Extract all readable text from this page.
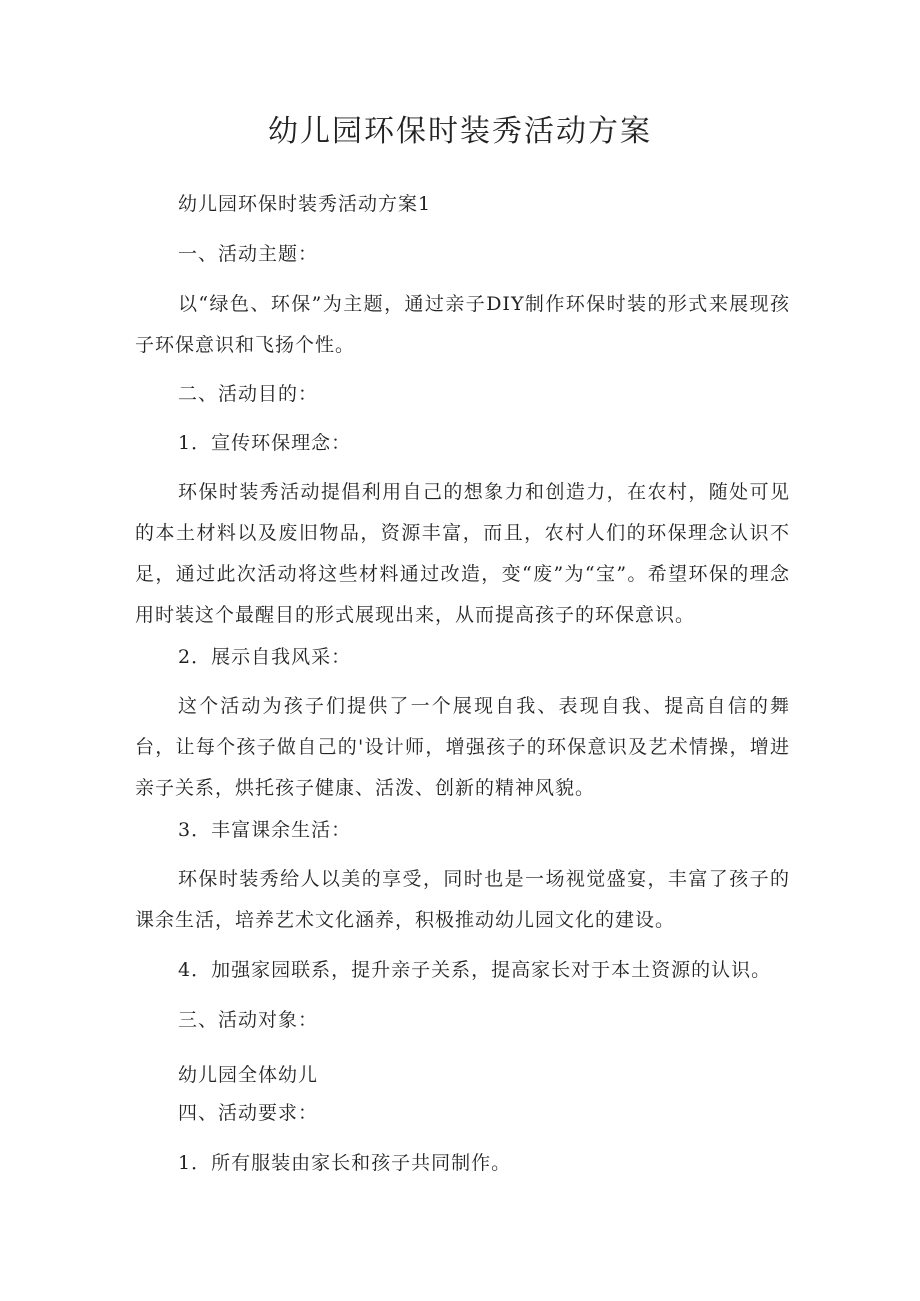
幼儿园环保时装秀活动方案

幼儿园环保时装秀活动方案1

一、活动主题：

以“绿色、环保”为主题，通过亲子DIY制作环保时装的形式来展现孩子环保意识和飞扬个性。

二、活动目的：

1．宣传环保理念：

环保时装秀活动提倡利用自己的想象力和创造力，在农村，随处可见的本土材料以及废旧物品，资源丰富，而且，农村人们的环保理念认识不足，通过此次活动将这些材料通过改造，变“废”为“宝”。希望环保的理念用时装这个最醒目的形式展现出来，从而提高孩子的环保意识。

2．展示自我风采：

这个活动为孩子们提供了一个展现自我、表现自我、提高自信的舞台，让每个孩子做自己的'设计师，增强孩子的环保意识及艺术情操，增进亲子关系，烘托孩子健康、活泼、创新的精神风貌。

3．丰富课余生活：

环保时装秀给人以美的享受，同时也是一场视觉盛宴，丰富了孩子的课余生活，培养艺术文化涵养，积极推动幼儿园文化的建设。

4．加强家园联系，提升亲子关系，提高家长对于本土资源的认识。

三、活动对象：

幼儿园全体幼儿

四、活动要求：

1．所有服装由家长和孩子共同制作。
